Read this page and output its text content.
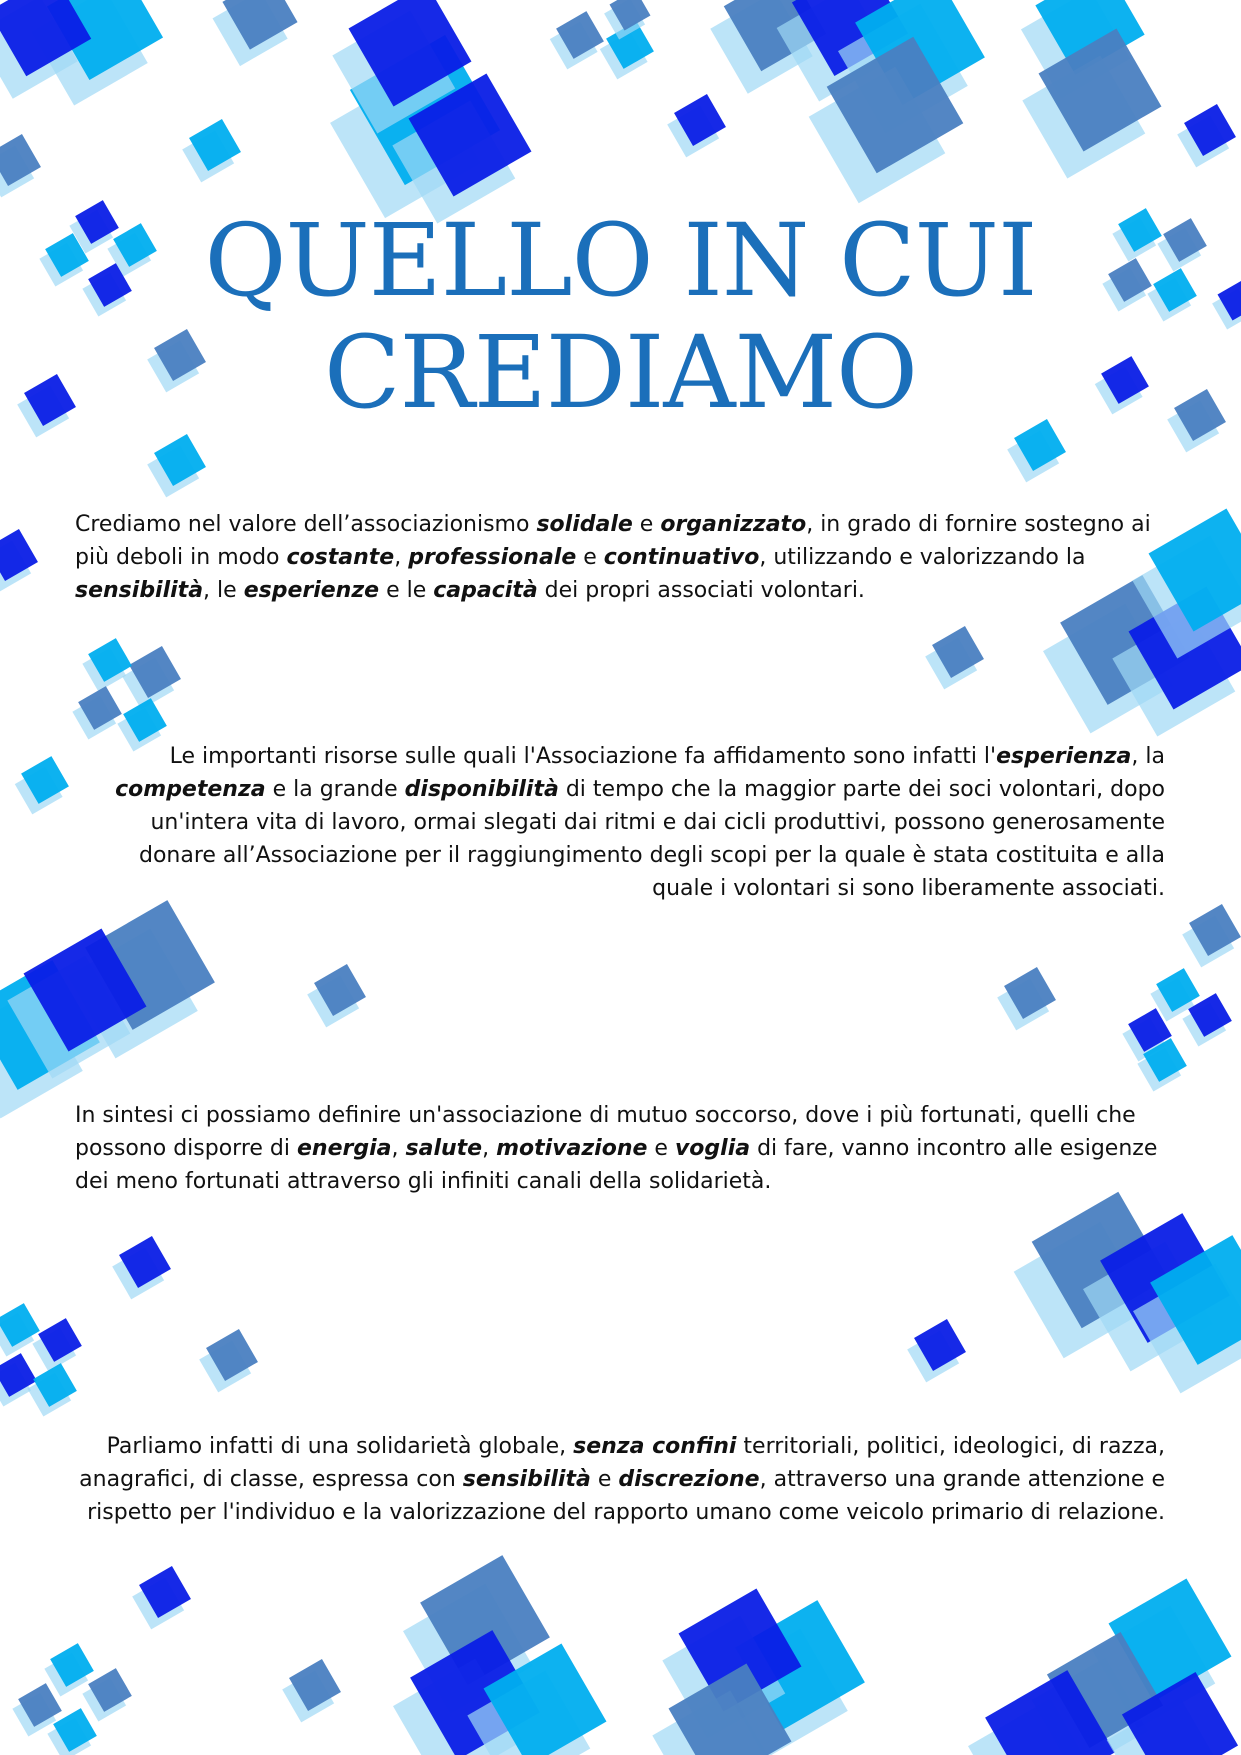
QUELLO IN CUI
CREDIAMO

Crediamo nel valore dell’associazionismo solidale e organizzato, in grado di fornire sostegno ai più deboli in modo costante, professionale e continuativo, utilizzando e valorizzando la sensibilità, le esperienze e le capacità dei propri associati volontari.

Le importanti risorse sulle quali l'Associazione fa affidamento sono infatti l'esperienza, la competenza e la grande disponibilità di tempo che la maggior parte dei soci volontari, dopo un'intera vita di lavoro, ormai slegati dai ritmi e dai cicli produttivi, possono generosamente donare all’Associazione per il raggiungimento degli scopi per la quale è stata costituita e alla quale i volontari si sono liberamente associati.

In sintesi ci possiamo definire un'associazione di mutuo soccorso, dove i più fortunati, quelli che possono disporre di energia, salute, motivazione e voglia di fare, vanno incontro alle esigenze dei meno fortunati attraverso gli infiniti canali della solidarietà.

Parliamo infatti di una solidarietà globale, senza confini territoriali, politici, ideologici, di razza, anagrafici, di classe, espressa con sensibilità e discrezione, attraverso una grande attenzione e rispetto per l'individuo e la valorizzazione del rapporto umano come veicolo primario di relazione.
